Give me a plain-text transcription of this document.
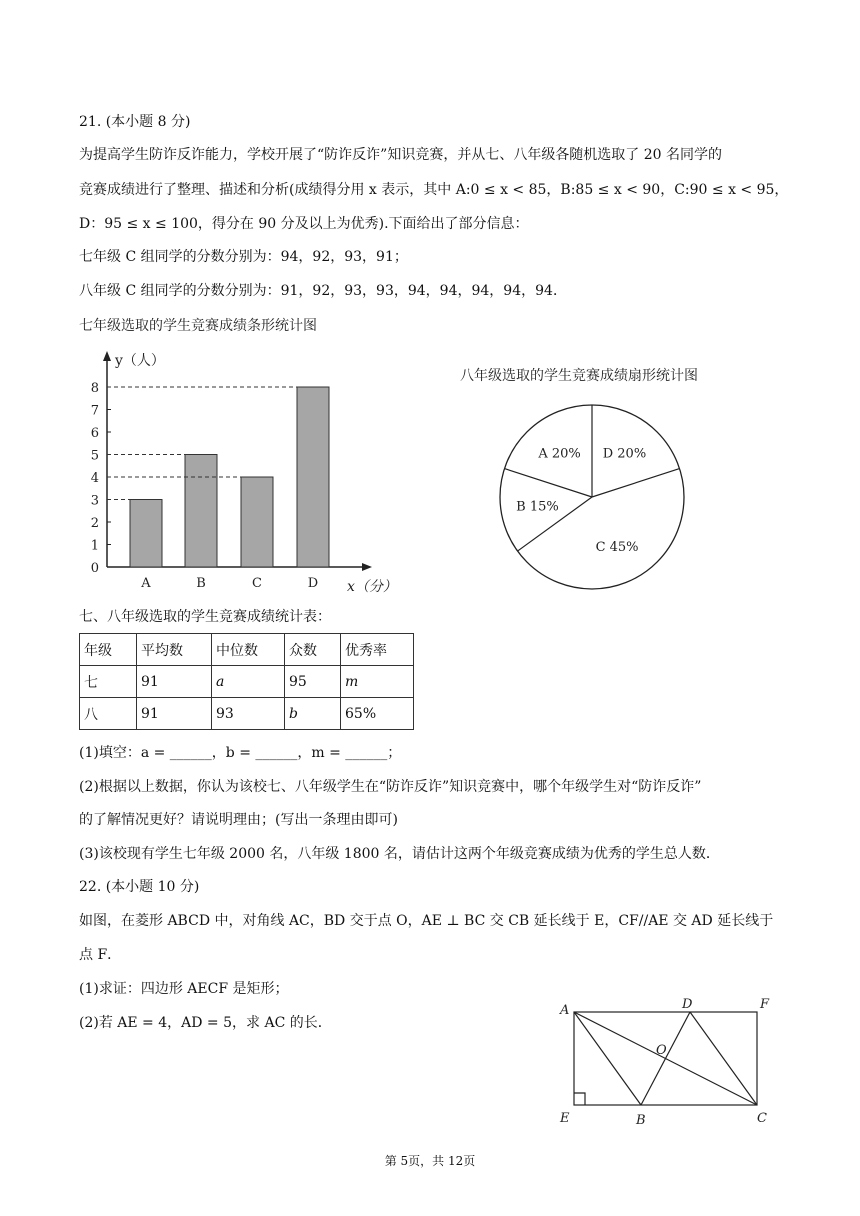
21. (本小题 8 分)
为提高学生防诈反诈能力，学校开展了“防诈反诈”知识竞赛，并从七、八年级各随机选取了 20 名同学的
竞赛成绩进行了整理、描述和分析(成绩得分用 x 表示，其中 A:0 ≤ x < 85，B:85 ≤ x < 90，C:90 ≤ x < 95，
D：95 ≤ x ≤ 100，得分在 90 分及以上为优秀).下面给出了部分信息：
七年级 C 组同学的分数分别为：94，92，93，91；
八年级 C 组同学的分数分别为：91，92，93，93，94，94，94，94，94．
七年级选取的学生竞赛成绩条形统计图
y（人）
x（分）
0
1
2
3
4
5
6
7
8
A	B	C	D
八年级选取的学生竞赛成绩扇形统计图
D 20%
C 45%
B 15%
A 20%
七、八年级选取的学生竞赛成绩统计表：
年级	平均数	中位数	众数	优秀率
七	91	a	95	m
八	91	93	b	65%
(1)填空：a = ______，b = ______，m = ______；
(2)根据以上数据，你认为该校七、八年级学生在“防诈反诈”知识竞赛中，哪个年级学生对“防诈反诈”
的了解情况更好？请说明理由；(写出一条理由即可)
(3)该校现有学生七年级 2000 名，八年级 1800 名，请估计这两个年级竞赛成绩为优秀的学生总人数．
22. (本小题 10 分)
如图，在菱形 ABCD 中，对角线 AC，BD 交于点 O，AE ⊥ BC 交 CB 延长线于 E，CF//AE 交 AD 延长线于
点 F．
(1)求证：四边形 AECF 是矩形；
(2)若 AE = 4，AD = 5，求 AC 的长．
A	D	F
O
E	B	C
第 5页，共 12页
